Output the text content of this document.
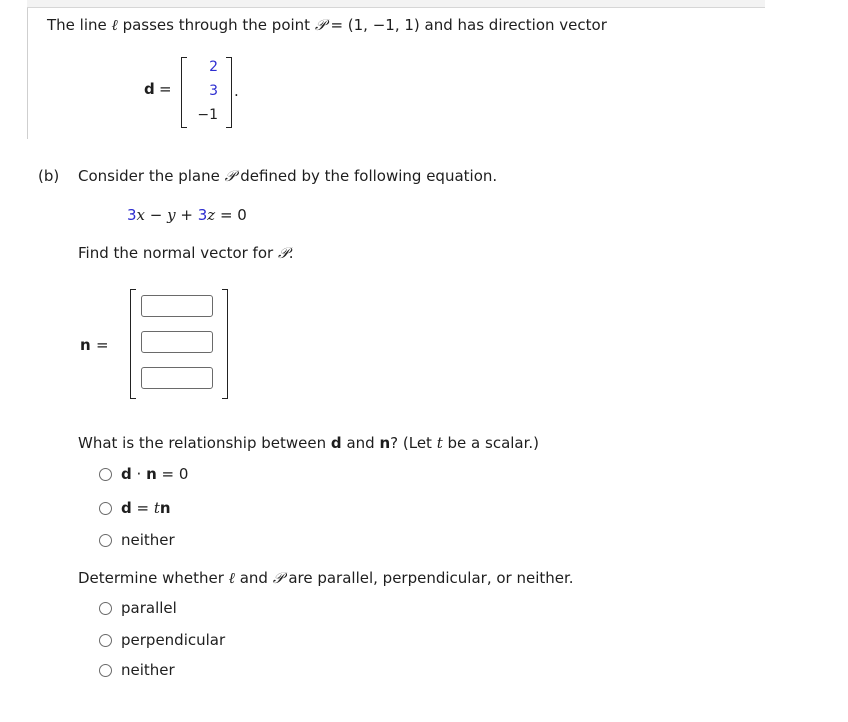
The line ℓ passes through the point 𝒫 = (1, −1, 1) and has direction vector
d =
2
3
−1
.
(b) Consider the plane 𝒫 defined by the following equation.
3x − y + 3z = 0
Find the normal vector for 𝒫.
n =
What is the relationship between d and n? (Let t be a scalar.)
d · n = 0
d = tn
neither
Determine whether ℓ and 𝒫 are parallel, perpendicular, or neither.
parallel
perpendicular
neither
